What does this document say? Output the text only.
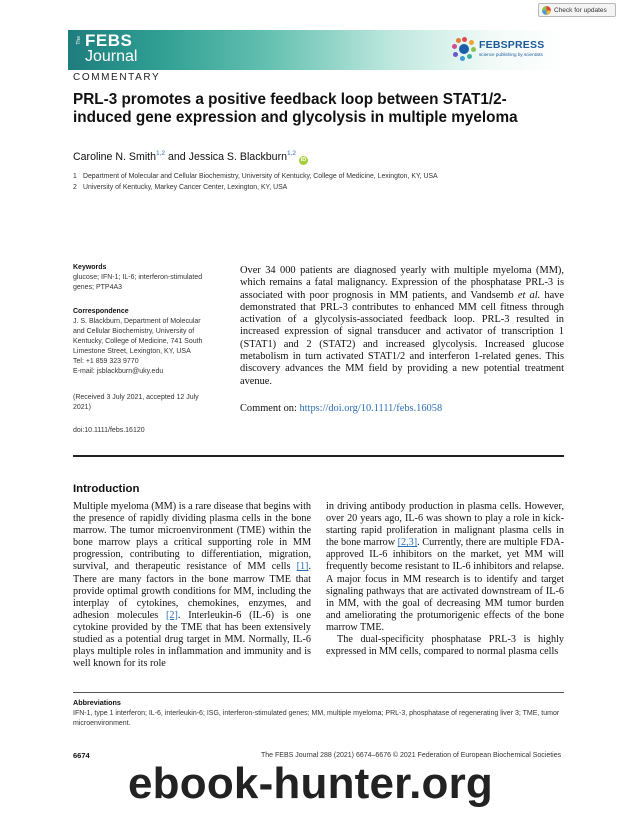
Check for updates
The FEBS
Journal
FEBSPRESS
science publishing by scientists
COMMENTARY
PRL-3 promotes a positive feedback loop between STAT1/2-induced gene expression and glycolysis in multiple myeloma
Caroline N. Smith$^{1,2}$ and Jessica S. Blackburn$^{1,2}$ iD
1 Department of Molecular and Cellular Biochemistry, University of Kentucky, College of Medicine, Lexington, KY, USA
2 University of Kentucky, Markey Cancer Center, Lexington, KY, USA
Keywords
glucose; IFN-1; IL-6; interferon-stimulated
genes; PTP4A3
Correspondence
J. S. Blackburn, Department of Molecular
and Cellular Biochemistry, University of
Kentucky, College of Medicine, 741 South
Limestone Street, Lexington, KY, USA
Tel: +1 859 323 9770
E-mail: jsblackburn@uky.edu
(Received 3 July 2021, accepted 12 July
2021)
doi:10.1111/febs.16120

Over 34 000 patients are diagnosed yearly with multiple myeloma (MM), which remains a fatal malignancy. Expression of the phosphatase PRL-3 is associated with poor prognosis in MM patients, and Vandsemb et al. have demonstrated that PRL-3 contributes to enhanced MM cell fitness through activation of a glycolysis-associated feedback loop. PRL-3 resulted in increased expression of signal transducer and activator of transcription 1 (STAT1) and 2 (STAT2) and increased glycolysis. Increased glucose metabolism in turn activated STAT1/2 and interferon 1-related genes. This discovery advances the MM field by providing a new potential treatment avenue.

Comment on: https://doi.org/10.1111/febs.16058
Introduction

Multiple myeloma (MM) is a rare disease that begins with the presence of rapidly dividing plasma cells in the bone marrow. The tumor microenvironment (TME) within the bone marrow plays a critical supporting role in MM progression, contributing to differentiation, migration, survival, and therapeutic resistance of MM cells [1]. There are many factors in the bone marrow TME that provide optimal growth conditions for MM, including the interplay of cytokines, chemokines, enzymes, and adhesion molecules [2]. Interleukin-6 (IL-6) is one cytokine provided by the TME that has been extensively studied as a potential drug target in MM. Normally, IL-6 plays multiple roles in inflammation and immunity and is well known for its role

in driving antibody production in plasma cells. However, over 20 years ago, IL-6 was shown to play a role in kick-starting rapid proliferation in malignant plasma cells in the bone marrow [2,3]. Currently, there are multiple FDA-approved IL-6 inhibitors on the market, yet MM will frequently become resistant to IL-6 inhibitors and relapse. A major focus in MM research is to identify and target signaling pathways that are activated downstream of IL-6 in MM, with the goal of decreasing MM tumor burden and ameliorating the protumorigenic effects of the bone marrow TME.

The dual-specificity phosphatase PRL-3 is highly expressed in MM cells, compared to normal plasma cells

Abbreviations
IFN-1, type 1 interferon; IL-6, interleukin-6; ISG, interferon-stimulated genes; MM, multiple myeloma; PRL-3, phosphatase of regenerating liver 3; TME, tumor microenvironment.
6674	The FEBS Journal 288 (2021) 6674–6676 © 2021 Federation of European Biochemical Societies
ebook-hunter.org
